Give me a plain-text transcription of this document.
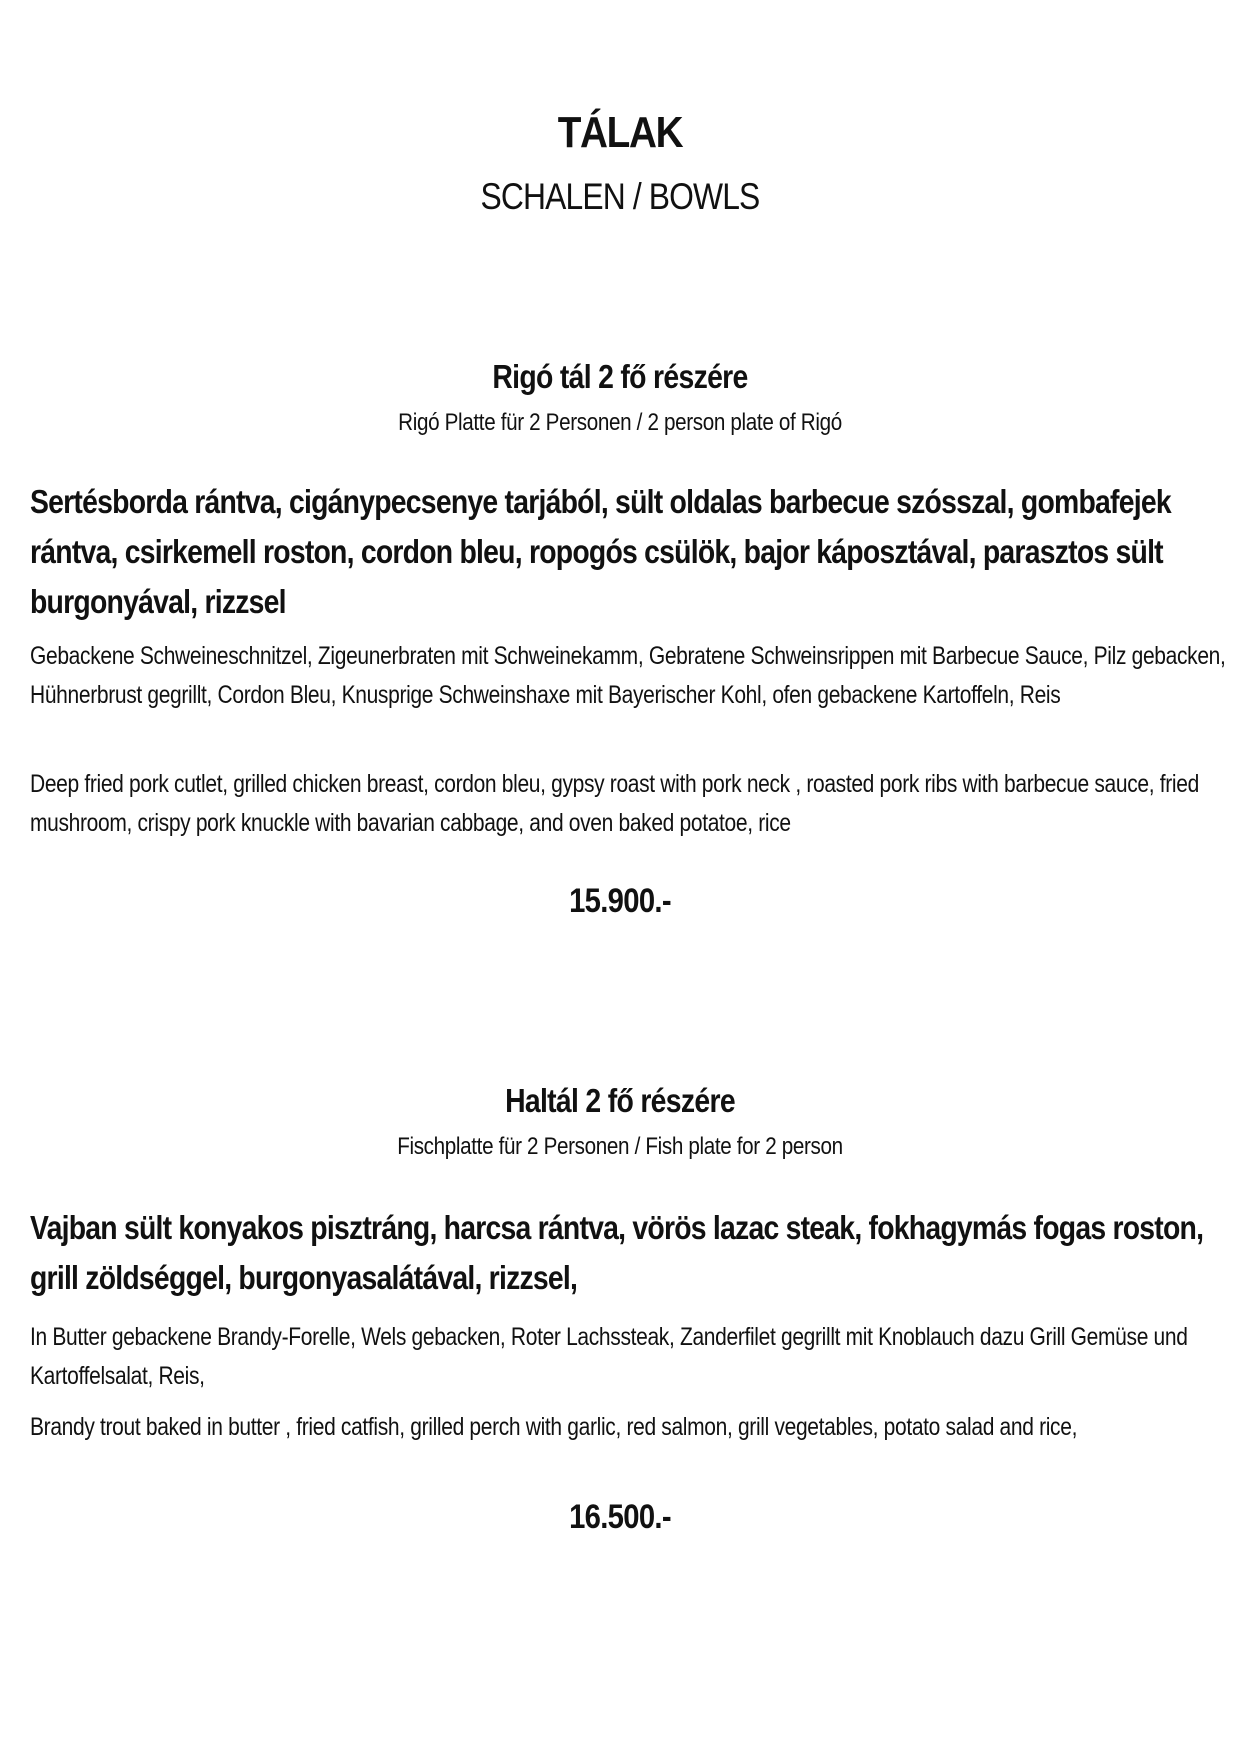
TÁLAK
SCHALEN / BOWLS
Rigó tál 2 fő részére
Rigó Platte für 2 Personen / 2 person plate of Rigó
Sertésborda rántva, cigánypecsenye tarjából, sült oldalas barbecue szósszal, gombafejek rántva, csirkemell roston, cordon bleu, ropogós csülök, bajor káposztával, parasztos sült burgonyával, rizzsel
Gebackene Schweineschnitzel, Zigeunerbraten mit Schweinekamm, Gebratene Schweinsrippen mit Barbecue Sauce, Pilz gebacken, Hühnerbrust gegrillt, Cordon Bleu, Knusprige Schweinshaxe mit Bayerischer Kohl, ofen gebackene Kartoffeln, Reis
Deep fried pork cutlet, grilled chicken breast, cordon bleu, gypsy roast with pork neck , roasted pork ribs with barbecue sauce, fried mushroom, crispy pork knuckle with bavarian cabbage, and oven baked potatoe, rice
15.900.-
Haltál 2 fő részére
Fischplatte für 2 Personen / Fish plate for 2 person
Vajban sült konyakos pisztráng, harcsa rántva, vörös lazac steak, fokhagymás fogas roston, grill zöldséggel, burgonyasalátával, rizzsel,
In Butter gebackene Brandy-Forelle, Wels gebacken, Roter Lachssteak, Zanderfilet gegrillt mit Knoblauch dazu Grill Gemüse und Kartoffelsalat, Reis,
Brandy trout baked in butter , fried catfish, grilled perch with garlic, red salmon, grill vegetables, potato salad and rice,
16.500.-
